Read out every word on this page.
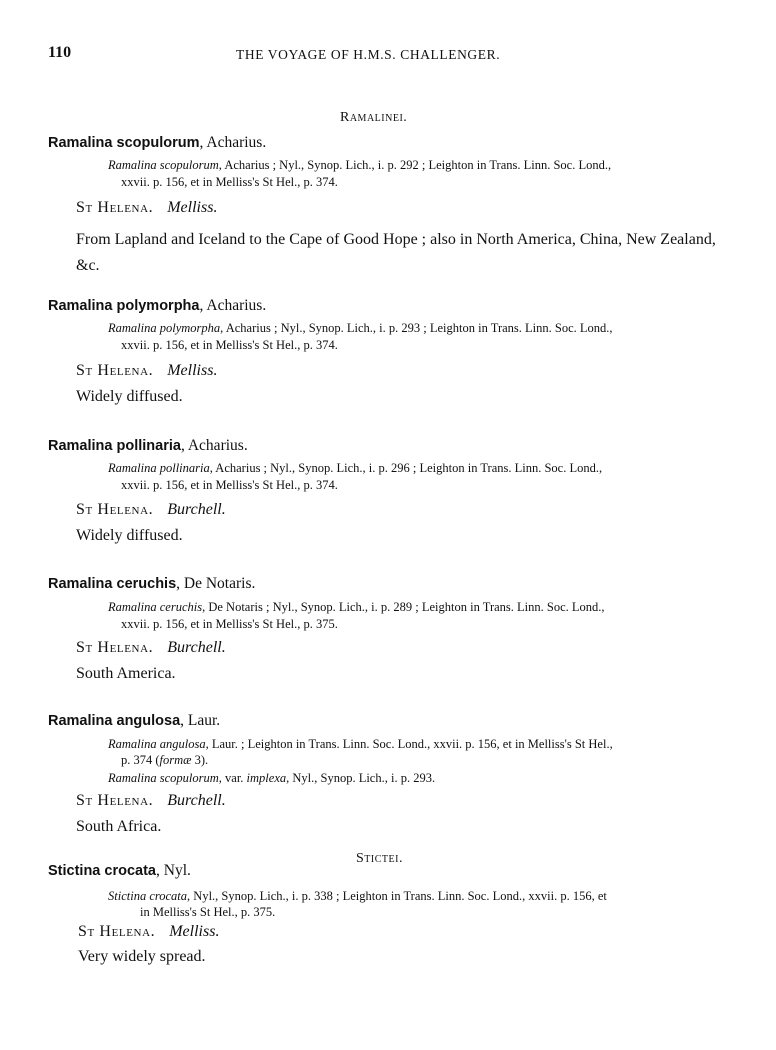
110	THE VOYAGE OF H.M.S. CHALLENGER.
Ramalinei.
Ramalina scopulorum, Acharius.
Ramalina scopulorum, Acharius ; Nyl., Synop. Lich., i. p. 292 ; Leighton in Trans. Linn. Soc. Lond.,
xxvii. p. 156, et in Melliss's St Hel., p. 374.
St Helena. Melliss.
From Lapland and Iceland to the Cape of Good Hope ; also in North America, China, New Zealand, &c.
Ramalina polymorpha, Acharius.
Ramalina polymorpha, Acharius ; Nyl., Synop. Lich., i. p. 293 ; Leighton in Trans. Linn. Soc. Lond.,
xxvii. p. 156, et in Melliss's St Hel., p. 374.
St Helena. Melliss.
Widely diffused.
Ramalina pollinaria, Acharius.
Ramalina pollinaria, Acharius ; Nyl., Synop. Lich., i. p. 296 ; Leighton in Trans. Linn. Soc. Lond.,
xxvii. p. 156, et in Melliss's St Hel., p. 374.
St Helena. Burchell.
Widely diffused.
Ramalina ceruchis, De Notaris.
Ramalina ceruchis, De Notaris ; Nyl., Synop. Lich., i. p. 289 ; Leighton in Trans. Linn. Soc. Lond.,
xxvii. p. 156, et in Melliss's St Hel., p. 375.
St Helena. Burchell.
South America.
Ramalina angulosa, Laur.
Ramalina angulosa, Laur. ; Leighton in Trans. Linn. Soc. Lond., xxvii. p. 156, et in Melliss's St Hel.,
p. 374 (formæ 3).
Ramalina scopulorum, var. implexa, Nyl., Synop. Lich., i. p. 293.
St Helena. Burchell.
South Africa.
Stictei.
Stictina crocata, Nyl.
Stictina crocata, Nyl., Synop. Lich., i. p. 338 ; Leighton in Trans. Linn. Soc. Lond., xxvii. p. 156, et
in Melliss's St Hel., p. 375.
St Helena. Melliss.
Very widely spread.
